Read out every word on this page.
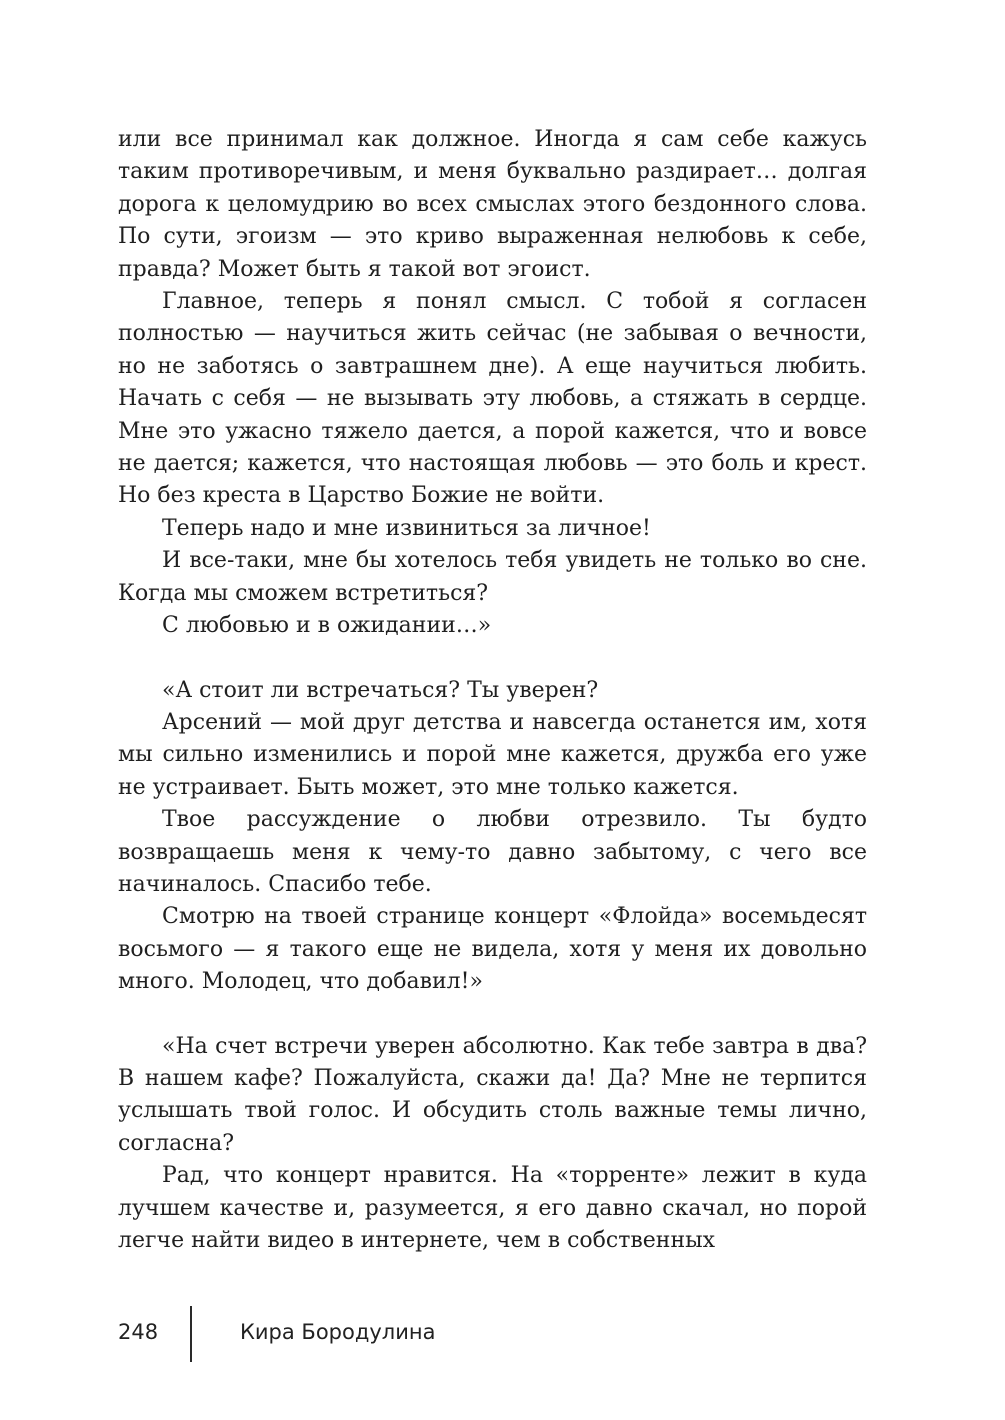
или все принимал как должное. Иногда я сам себе кажусь таким противоречивым, и меня буквально раздирает… долгая дорога к целомудрию во всех смыслах этого бездонного слова. По сути, эгоизм — это криво выраженная нелюбовь к себе, правда? Может быть я такой вот эгоист.

Главное, теперь я понял смысл. С тобой я согласен полностью — научиться жить сейчас (не забывая о вечности, но не заботясь о завтрашнем дне). А еще научиться любить. Начать с себя — не вызывать эту любовь, а стяжать в сердце. Мне это ужасно тяжело дается, а порой кажется, что и вовсе не дается; кажется, что настоящая любовь — это боль и крест. Но без креста в Царство Божие не войти.

Теперь надо и мне извиниться за личное!

И все-таки, мне бы хотелось тебя увидеть не только во сне. Когда мы сможем встретиться?

С любовью и в ожидании…»

«А стоит ли встречаться? Ты уверен?

Арсений — мой друг детства и навсегда останется им, хотя мы сильно изменились и порой мне кажется, дружба его уже не устраивает. Быть может, это мне только кажется.

Твое рассуждение о любви отрезвило. Ты будто возвращаешь меня к чему-то давно забытому, с чего все начиналось. Спасибо тебе.

Смотрю на твоей странице концерт «Флойда» восемьдесят восьмого — я такого еще не видела, хотя у меня их довольно много. Молодец, что добавил!»

«На счет встречи уверен абсолютно. Как тебе завтра в два? В нашем кафе? Пожалуйста, скажи да! Да? Мне не терпится услышать твой голос. И обсудить столь важные темы лично, согласна?

Рад, что концерт нравится. На «торренте» лежит в куда лучшем качестве и, разумеется, я его давно скачал, но порой легче найти видео в интернете, чем в собственных

248	Кира Бородулина
